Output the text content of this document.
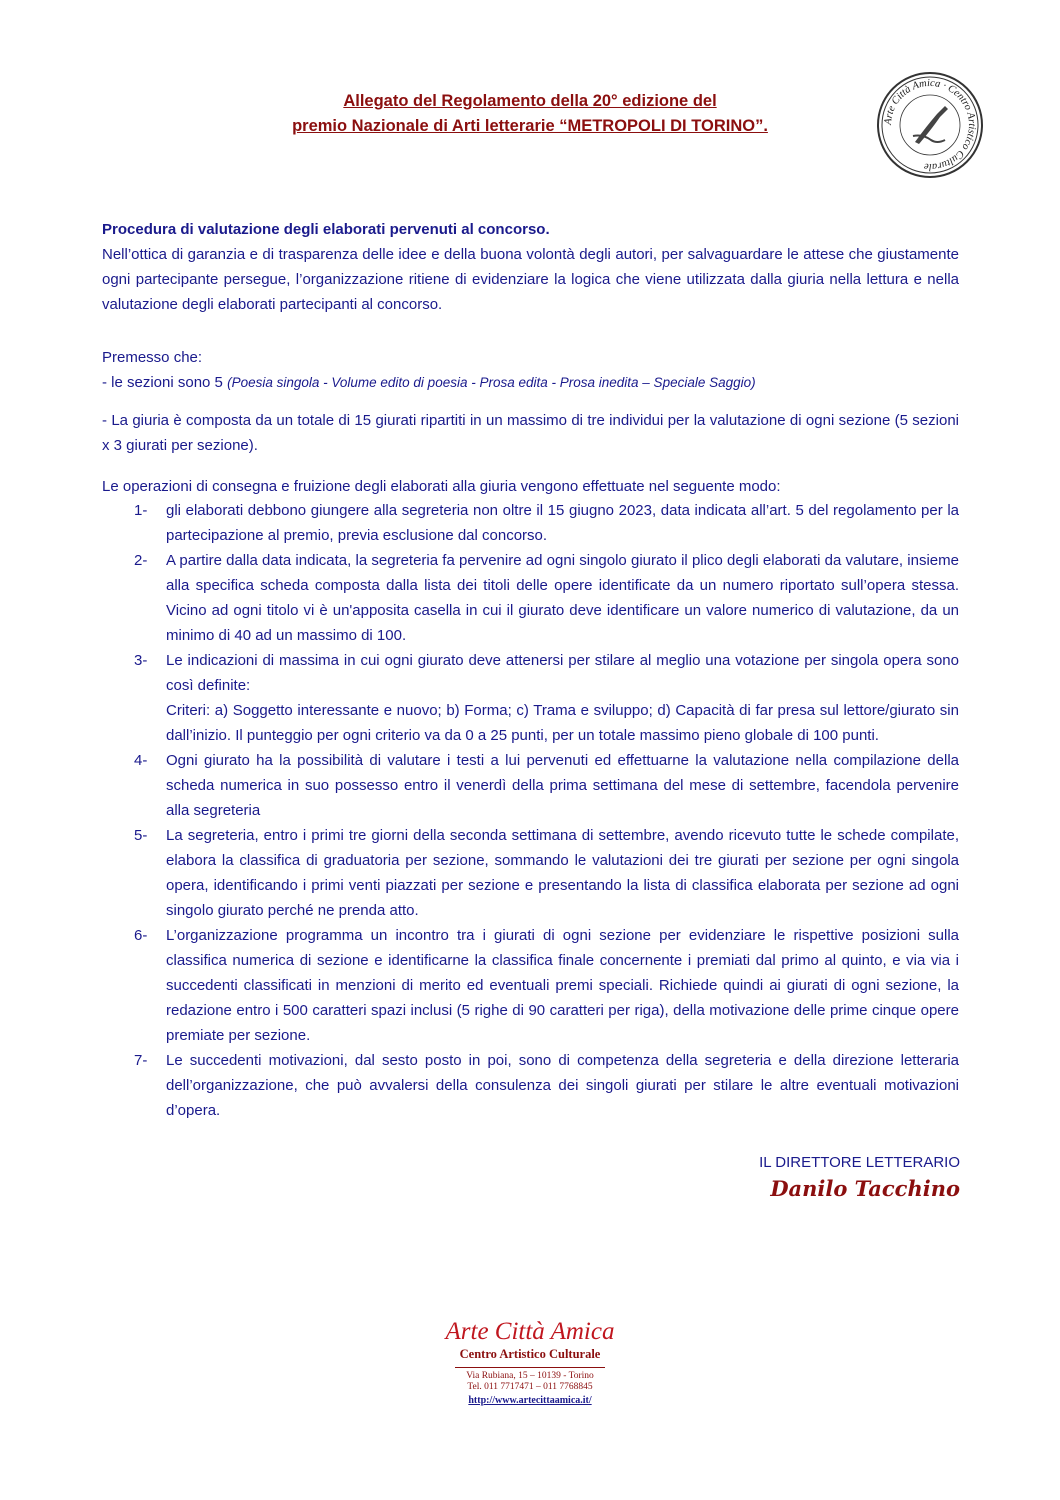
Allegato del Regolamento della 20° edizione del
premio Nazionale di Arti letterarie “METROPOLI DI TORINO”.	Arte Città Amica · Centro Artistico Culturale

Procedura di valutazione degli elaborati pervenuti al concorso.

Nell’ottica di garanzia e di trasparenza delle idee e della buona volontà degli autori, per salvaguardare le attese che giustamente ogni partecipante persegue, l’organizzazione ritiene di evidenziare la logica che viene utilizzata dalla giuria nella lettura e nella valutazione degli elaborati partecipanti al concorso.

Premesso che:

- le sezioni sono 5 (Poesia singola - Volume edito di poesia - Prosa edita - Prosa inedita – Speciale Saggio)

- La giuria è composta da un totale di 15 giurati ripartiti in un massimo di tre individui per la valutazione di ogni sezione (5 sezioni x 3 giurati per sezione).
Le operazioni di consegna e fruizione degli elaborati alla giuria vengono effettuate nel seguente modo:
1- gli elaborati debbono giungere alla segreteria non oltre il 15 giugno 2023, data indicata all’art. 5 del regolamento per la partecipazione al premio, previa esclusione dal concorso.

2- A partire dalla data indicata, la segreteria fa pervenire ad ogni singolo giurato il plico degli elaborati da valutare, insieme alla specifica scheda composta dalla lista dei titoli delle opere identificate da un numero riportato sull’opera stessa. Vicino ad ogni titolo vi è un'apposita casella in cui il giurato deve identificare un valore numerico di valutazione, da un minimo di 40 ad un massimo di 100.

3- Le indicazioni di massima in cui ogni giurato deve attenersi per stilare al meglio una votazione per singola opera sono così definite:

Criteri: a) Soggetto interessante e nuovo; b) Forma; c) Trama e sviluppo; d) Capacità di far presa sul lettore/giurato sin dall’inizio. Il punteggio per ogni criterio va da 0 a 25 punti, per un totale massimo pieno globale di 100 punti.

4- Ogni giurato ha la possibilità di valutare i testi a lui pervenuti ed effettuarne la valutazione nella compilazione della scheda numerica in suo possesso entro il venerdì della prima settimana del mese di settembre, facendola pervenire alla segreteria

5- La segreteria, entro i primi tre giorni della seconda settimana di settembre, avendo ricevuto tutte le schede compilate, elabora la classifica di graduatoria per sezione, sommando le valutazioni dei tre giurati per sezione per ogni singola opera, identificando i primi venti piazzati per sezione e presentando la lista di classifica elaborata per sezione ad ogni singolo giurato perché ne prenda atto.

6- L’organizzazione programma un incontro tra i giurati di ogni sezione per evidenziare le rispettive posizioni sulla classifica numerica di sezione e identificarne la classifica finale concernente i premiati dal primo al quinto, e via via i succedenti classificati in menzioni di merito ed eventuali premi speciali. Richiede quindi ai giurati di ogni sezione, la redazione entro i 500 caratteri spazi inclusi (5 righe di 90 caratteri per riga), della motivazione delle prime cinque opere premiate per sezione.

7- Le succedenti motivazioni, dal sesto posto in poi, sono di competenza della segreteria e della direzione letteraria dell’organizzazione, che può avvalersi della consulenza dei singoli giurati per stilare le altre eventuali motivazioni d’opera.

IL DIRETTORE LETTERARIO
Danilo Tacchino
Arte Città Amica
Centro Artistico Culturale
Via Rubiana, 15 – 10139 - Torino
Tel. 011 7717471 – 011 7768845
http://www.artecittaamica.it/
